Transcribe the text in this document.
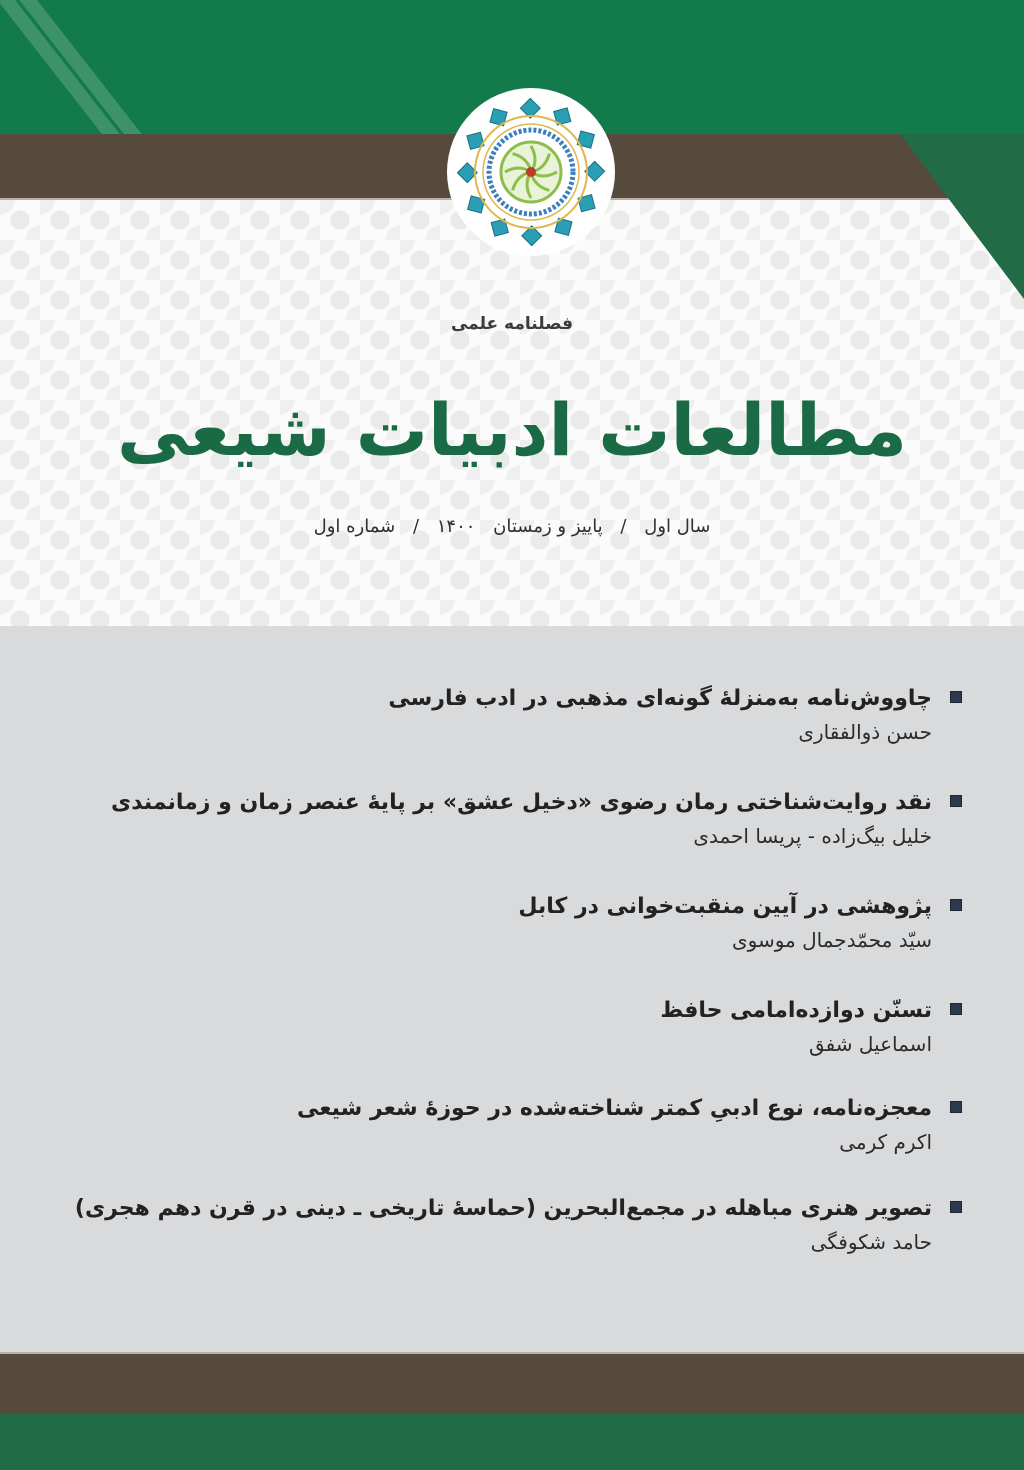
فصلنامه علمی
مطالعات ادبیات شیعی
سال اول / پاییز و زمستان ۱۴۰۰ / شماره اول
چاووش‌نامه به‌منزلۀ گونه‌ای مذهبی در ادب فارسی
حسن ذوالفقاری
نقد روایت‌شناختی رمان رضوی «دخیل عشق» بر پایۀ عنصر زمان و زمانمندی
خلیل بیگ‌زاده - پریسا احمدی
پژوهشی در آیین منقبت‌خوانی در کابل
سیّد محمّدجمال موسوی
تسنّن دوازده‌امامی حافظ
اسماعیل شفق
معجزه‌نامه، نوع ادبیِ کمتر شناخته‌شده در حوزۀ شعر شیعی
اکرم کرمی
تصویر هنری مباهله در مجمع‌البحرین (حماسۀ تاریخی ـ دینی در قرن دهم هجری)
حامد شکوفگی
